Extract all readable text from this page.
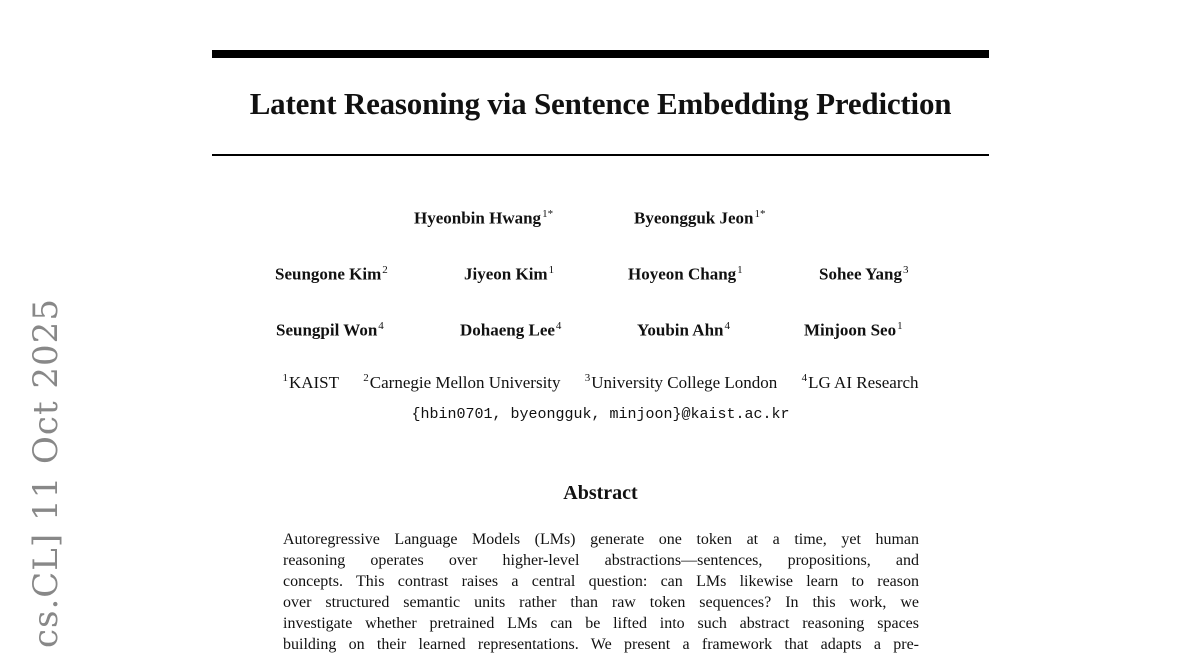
Latent Reasoning via Sentence Embedding Prediction
Hyeonbin Hwang$^{1*}$	Byeongguk Jeon$^{1*}$
Seungone Kim$^2$	Jiyeon Kim$^1$	Hoyeon Chang$^1$	Sohee Yang$^3$
Seungpil Won$^4$	Dohaeng Lee$^4$	Youbin Ahn$^4$	Minjoon Seo$^1$
$^1$KAIST $^2$Carnegie Mellon University $^3$University College London $^4$LG AI Research
{hbin0701, byeongguk, minjoon}@kaist.ac.kr
Abstract
Autoregressive Language Models (LMs) generate one token at a time, yet human
reasoning operates over higher-level abstractions—sentences, propositions, and
concepts. This contrast raises a central question: can LMs likewise learn to reason
over structured semantic units rather than raw token sequences? In this work, we
investigate whether pretrained LMs can be lifted into such abstract reasoning spaces
building on their learned representations. We present a framework that adapts a pre-
cs.CL] 11 Oct 2025
